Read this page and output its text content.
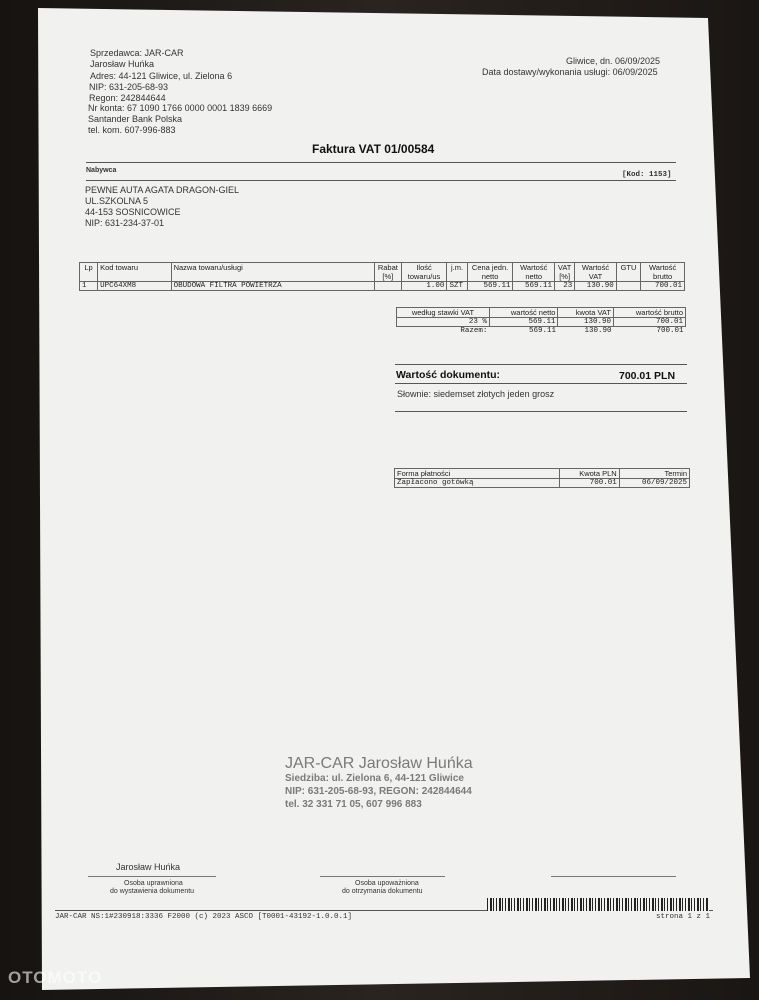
Sprzedawca: JAR-CAR
Jarosław Huńka
Adres: 44-121 Gliwice, ul. Zielona 6
NIP: 631-205-68-93
Regon: 242844644
Nr konta: 67 1090 1766 0000 0001 1839 6669
Santander Bank Polska
tel. kom. 607-996-883
Gliwice, dn. 06/09/2025
Data dostawy/wykonania usługi: 06/09/2025
Faktura VAT 01/00584
Nabywca
[Kod: 1153]
PEWNE AUTA AGATA DRAGON-GIEL
UL.SZKOLNA 5
44-153 SOSNICOWICE
NIP: 631-234-37-01
Lp	Kod towaru	Nazwa towaru/usługi	Rabat [%]	Ilość towaru/us	j.m.	Cena jedn. netto	Wartość netto	VAT [%]	Wartość VAT	GTU	Wartość brutto
1	UPC64XM8	OBUDOWA FILTRA POWIETRZA		1.00	SZT	569.11	569.11	23	130.90		700.01
według stawki VAT	wartość netto	kwota VAT	wartość brutto
23 %	569.11	130.90	700.01
Razem:	569.11	130.90	700.01
Wartość dokumentu:	700.01 PLN
Słownie: siedemset złotych jeden grosz
Forma płatności	Kwota PLN	Termin
Zapłacono gotówką	700.01	06/09/2025
JAR-CAR Jarosław Huńka
Siedziba: ul. Zielona 6, 44-121 Gliwice
NIP: 631-205-68-93, REGON: 242844644
tel. 32 331 71 05, 607 996 883
Jarosław Huńka
Osoba uprawniona
do wystawienia dokumentu
Osoba upoważniona
do otrzymania dokumentu
JAR-CAR NS:1#230918:3336 F2000 (c) 2023 ASCO [T0001-43192-1.0.0.1]	strona 1 z 1
OTOMOTO
